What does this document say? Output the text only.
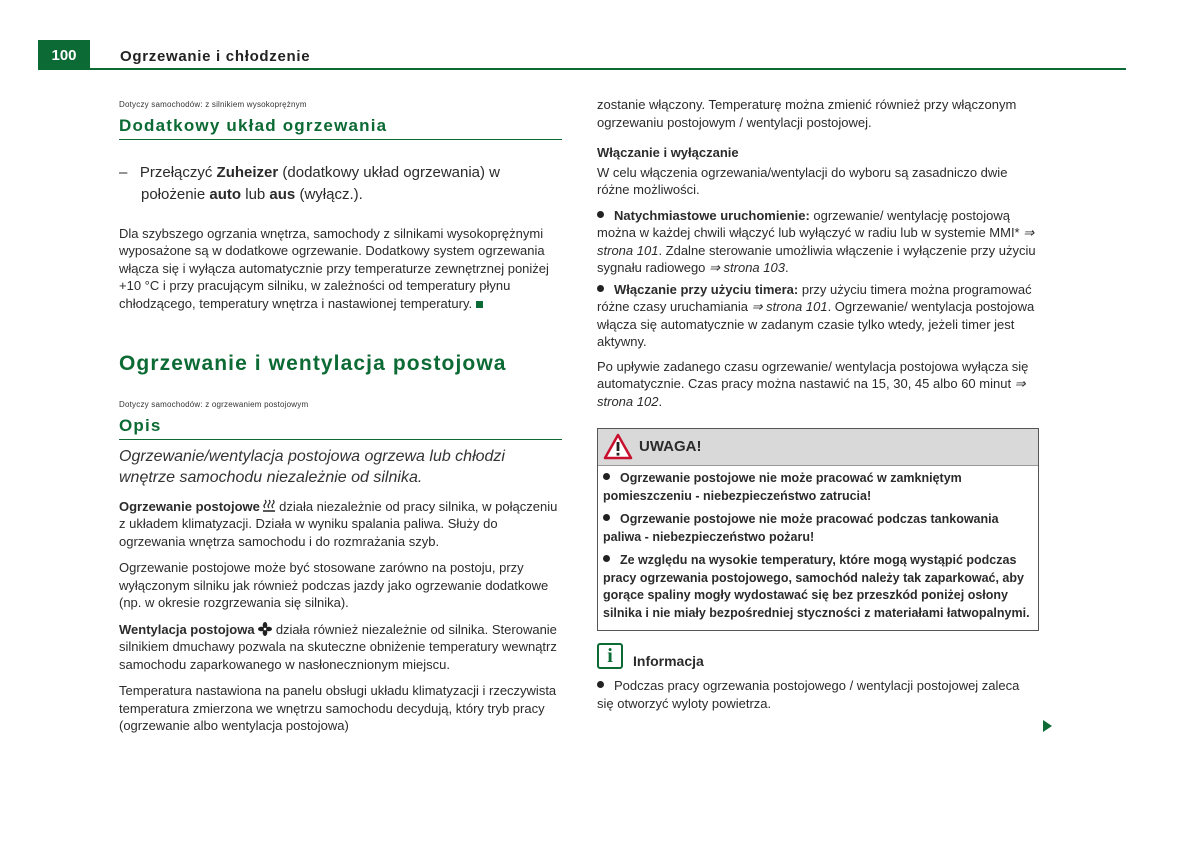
100	Ogrzewanie i chłodzenie

Dotyczy samochodów: z silnikiem wysokoprężnym

Dodatkowy układ ogrzewania

–   Przełączyć Zuheizer (dodatkowy układ ogrzewania) w położenie auto lub aus (wyłącz.).

Dla szybszego ogrzania wnętrza, samochody z silnikami wysokoprężnymi wyposażone są w dodatkowe ogrzewanie. Dodatkowy system ogrzewania włącza się i wyłącza automatycznie przy temperaturze zewnętrznej poniżej +10 °C i przy pracującym silniku, w zależności od temperatury płynu chłodzącego, temperatury wnętrza i nastawionej temperatury.

Ogrzewanie i wentylacja postojowa

Dotyczy samochodów: z ogrzewaniem postojowym

Opis

Ogrzewanie/wentylacja postojowa ogrzewa lub chłodzi wnętrze samochodu niezależnie od silnika.

Ogrzewanie postojowe  działa niezależnie od pracy silnika, w połączeniu z układem klimatyzacji. Działa w wyniku spalania paliwa. Służy do ogrzewania wnętrza samochodu i do rozmrażania szyb.

Ogrzewanie postojowe może być stosowane zarówno na postoju, przy wyłączonym silniku jak również podczas jazdy jako ogrzewanie dodatkowe (np. w okresie rozgrzewania się silnika).

Wentylacja postojowa  działa również niezależnie od silnika. Sterowanie silnikiem dmuchawy pozwala na skuteczne obniżenie temperatury wewnątrz samochodu zaparkowanego w nasłonecznionym miejscu.

Temperatura nastawiona na panelu obsługi układu klimatyzacji i rzeczywista temperatura zmierzona we wnętrzu samochodu decydują, który tryb pracy (ogrzewanie albo wentylacja postojowa)

zostanie włączony. Temperaturę można zmienić również przy włączonym ogrzewaniu postojowym / wentylacji postojowej.

Włączanie i wyłączanie

W celu włączenia ogrzewania/wentylacji do wyboru są zasadniczo dwie różne możliwości.

Natychmiastowe uruchomienie: ogrzewanie/ wentylację postojową można w każdej chwili włączyć lub wyłączyć w radiu lub w systemie MMI* ⇒ strona 101. Zdalne sterowanie umożliwia włączenie i wyłączenie przy użyciu sygnału radiowego ⇒ strona 103.

Włączanie przy użyciu timera: przy użyciu timera można programować różne czasy uruchamiania ⇒ strona 101. Ogrzewanie/ wentylacja postojowa włącza się automatycznie w zadanym czasie tylko wtedy, jeżeli timer jest aktywny.

Po upływie zadanego czasu ogrzewanie/ wentylacja postojowa wyłącza się automatycznie. Czas pracy można nastawić na 15, 30, 45 albo 60 minut ⇒ strona 102.

UWAGA!

Ogrzewanie postojowe nie może pracować w zamkniętym pomieszczeniu - niebezpieczeństwo zatrucia!

Ogrzewanie postojowe nie może pracować podczas tankowania paliwa - niebezpieczeństwo pożaru!

Ze względu na wysokie temperatury, które mogą wystąpić podczas pracy ogrzewania postojowego, samochód należy tak zaparkować, aby gorące spaliny mogły wydostawać się bez przeszkód poniżej osłony silnika i nie miały bezpośredniej styczności z materiałami łatwopalnymi.

i	Informacja

Podczas pracy ogrzewania postojowego / wentylacji postojowej zaleca się otworzyć wyloty powietrza.
